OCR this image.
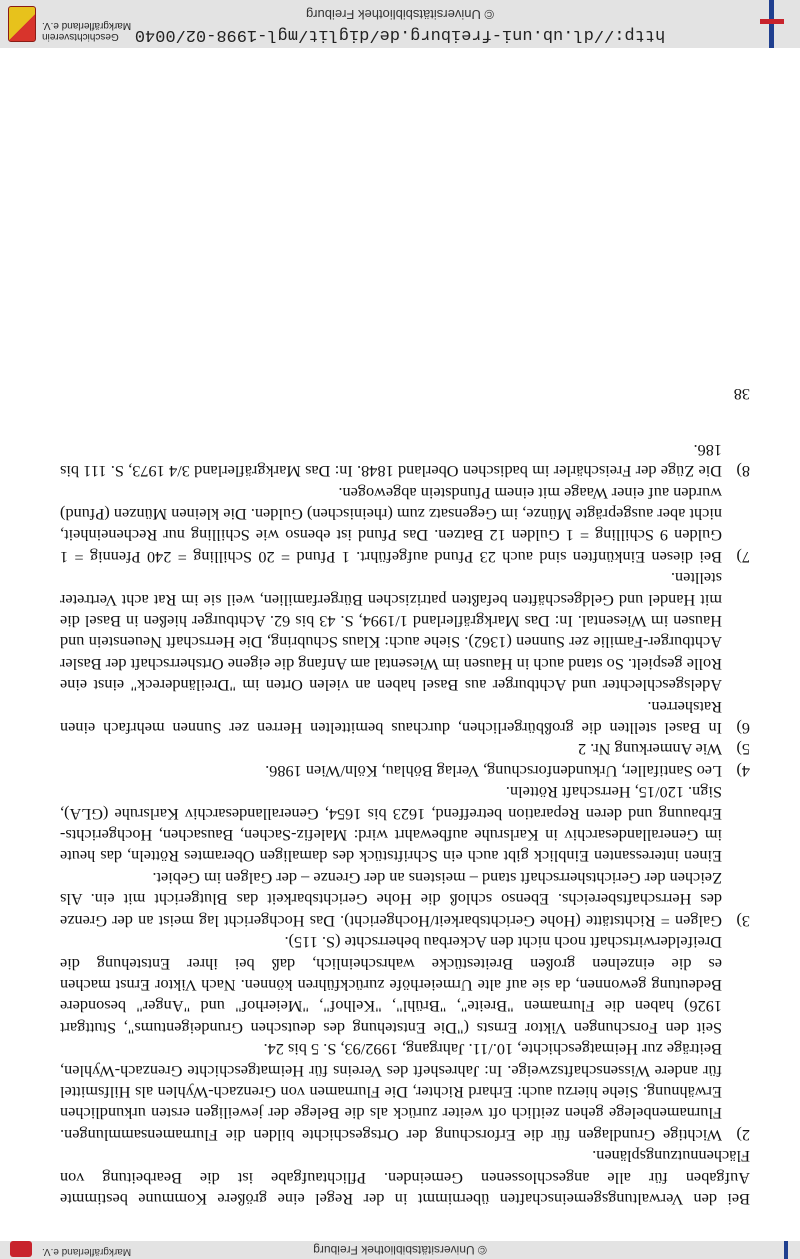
http://dl.ub.uni-freiburg.de/diglit/mgl-1998-02/0040
© Universitätsbibliothek Freiburg
Geschichtsverein
Markgräflerland e.V.

Bei den Verwaltungsgemeinschaften übernimmt in der Regel eine größere Kommune bestimmte Aufgaben für alle angeschlossenen Gemeinden. Pflichtaufgabe ist die Bearbeitung von Flächennutzungsplänen.

2)
Wichtige Grundlagen für die Erforschung der Ortsgeschichte bilden die Flurnamensammlungen. Flurnamenbelege gehen zeitlich oft weiter zurück als die Belege der jeweiligen ersten urkundlichen Erwähnung. Siehe hierzu auch: Erhard Richter, Die Flurnamen von Grenzach-Wyhlen als Hilfsmittel für andere Wissenschaftszweige. In: Jahresheft des Vereins für Heimatgeschichte Grenzach-Wyhlen, Beiträge zur Heimatgeschichte, 10./11. Jahrgang, 1992/93, S. 5 bis 24.
Seit den Forschungen Viktor Ernsts ("Die Entstehung des deutschen Grundeigentums", Stuttgart 1926) haben die Flurnamen "Breite", "Brühl", "Kelhof", "Meierhof" und "Anger" besondere Bedeutung gewonnen, da sie auf alte Urmeierhöfe zurückführen können. Nach Viktor Ernst machen es die einzelnen großen Breitestücke wahrscheinlich, daß bei ihrer Entstehung die Dreifelderwirtschaft noch nicht den Ackerbau beherrschte (S. 115).
3)
Galgen = Richtstätte (Hohe Gerichtsbarkeit/Hochgericht). Das Hochgericht lag meist an der Grenze des Herrschaftsbereichs. Ebenso schloß die Hohe Gerichtsbarkeit das Blutgericht mit ein. Als Zeichen der Gerichtsherrschaft stand – meistens an der Grenze – der Galgen im Gebiet.
Einen interessanten Einblick gibt auch ein Schriftstück des damaligen Oberamtes Rötteln, das heute im Generallandesarchiv in Karlsruhe aufbewahrt wird: Malefiz-Sachen, Bausachen, Hochgerichts-Erbauung und deren Reparation betreffend, 1623 bis 1654, Generallandesarchiv Karlsruhe (GLA), Sign. 120/15, Herrschaft Rötteln.
4)
Leo Santifaller, Urkundenforschung, Verlag Böhlau, Köln/Wien 1986.
5)
Wie Anmerkung Nr. 2
6)
In Basel stellten die großbürgerlichen, durchaus bemittelten Herren zer Sunnen mehrfach einen Ratsherren.
Adelsgeschlechter und Achtburger aus Basel haben an vielen Orten im "Dreiländereck" einst eine Rolle gespielt. So stand auch in Hausen im Wiesental am Anfang die eigene Ortsherrschaft der Basler Achtburger-Familie zer Sunnen (1362). Siehe auch: Klaus Schubring, Die Herrschaft Neuenstein und Hausen im Wiesental. In: Das Markgräflerland 1/1994, S. 43 bis 62. Achtburger hießen in Basel die mit Handel und Geldgeschäften befaßten patrizischen Bürgerfamilien, weil sie im Rat acht Vertreter stellten.
7)
Bei diesen Einkünften sind auch 23 Pfund aufgeführt. 1 Pfund = 20 Schilling = 240 Pfennig = 1 Gulden 9 Schilling = 1 Gulden 12 Batzen. Das Pfund ist ebenso wie Schilling nur Recheneinheit, nicht aber ausgeprägte Münze, im Gegensatz zum (rheinischen) Gulden. Die kleinen Münzen (Pfund) wurden auf einer Waage mit einem Pfundstein abgewogen.
8)
Die Züge der Freischärler im badischen Oberland 1848. In: Das Markgräflerland 3/4 1973, S. 111 bis 186.
38
© Universitätsbibliothek Freiburg
Markgräflerland e.V.
